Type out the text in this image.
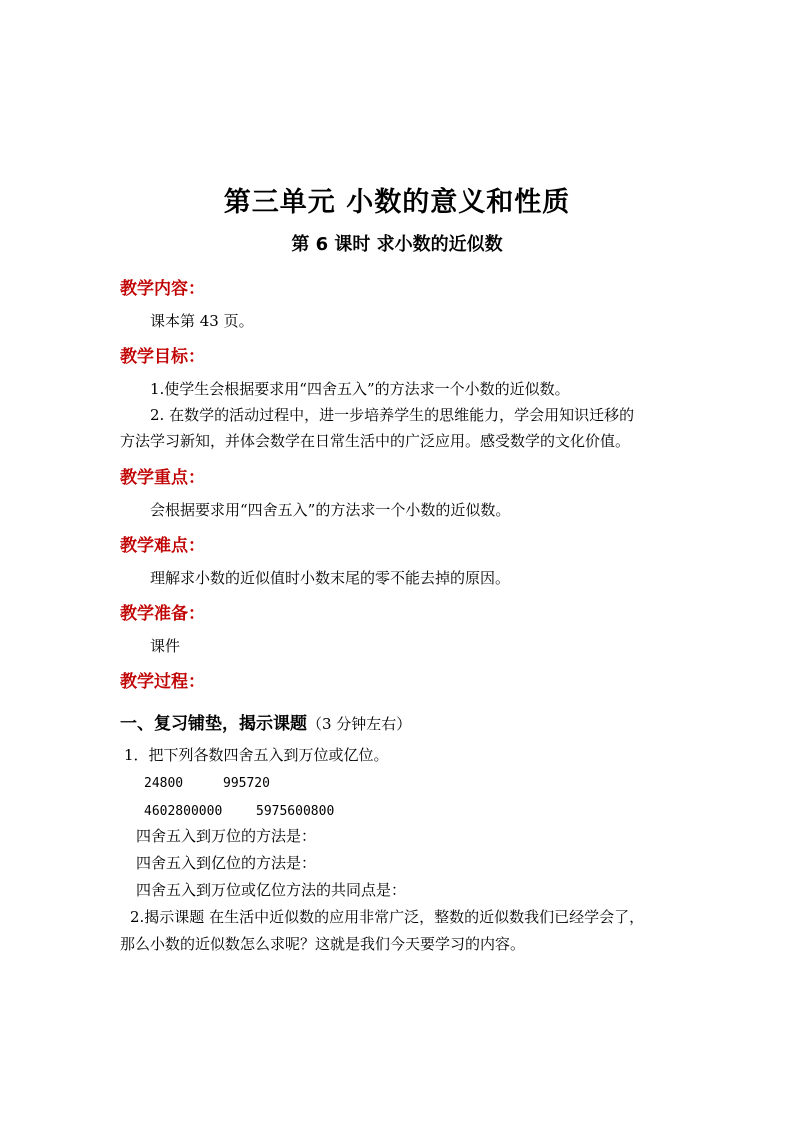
第三单元 小数的意义和性质
第 6 课时 求小数的近似数
教学内容：

课本第 43 页。

教学目标：

1.使学生会根据要求用“四舍五入”的方法求一个小数的近似数。

2. 在数学的活动过程中，进一步培养学生的思维能力，学会用知识迁移的

方法学习新知，并体会数学在日常生活中的广泛应用。感受数学的文化价值。

教学重点：

会根据要求用“四舍五入”的方法求一个小数的近似数。

教学难点：

理解求小数的近似值时小数末尾的零不能去掉的原因。

教学准备：

课件

教学过程：

一、复习铺垫，揭示课题（3 分钟左右）

1．把下列各数四舍五入到万位或亿位。

24800	995720

4602800000	5975600800

四舍五入到万位的方法是：

四舍五入到亿位的方法是：

四舍五入到万位或亿位方法的共同点是：

2.揭示课题 在生活中近似数的应用非常广泛，整数的近似数我们已经学会了，

那么小数的近似数怎么求呢？这就是我们今天要学习的内容。
